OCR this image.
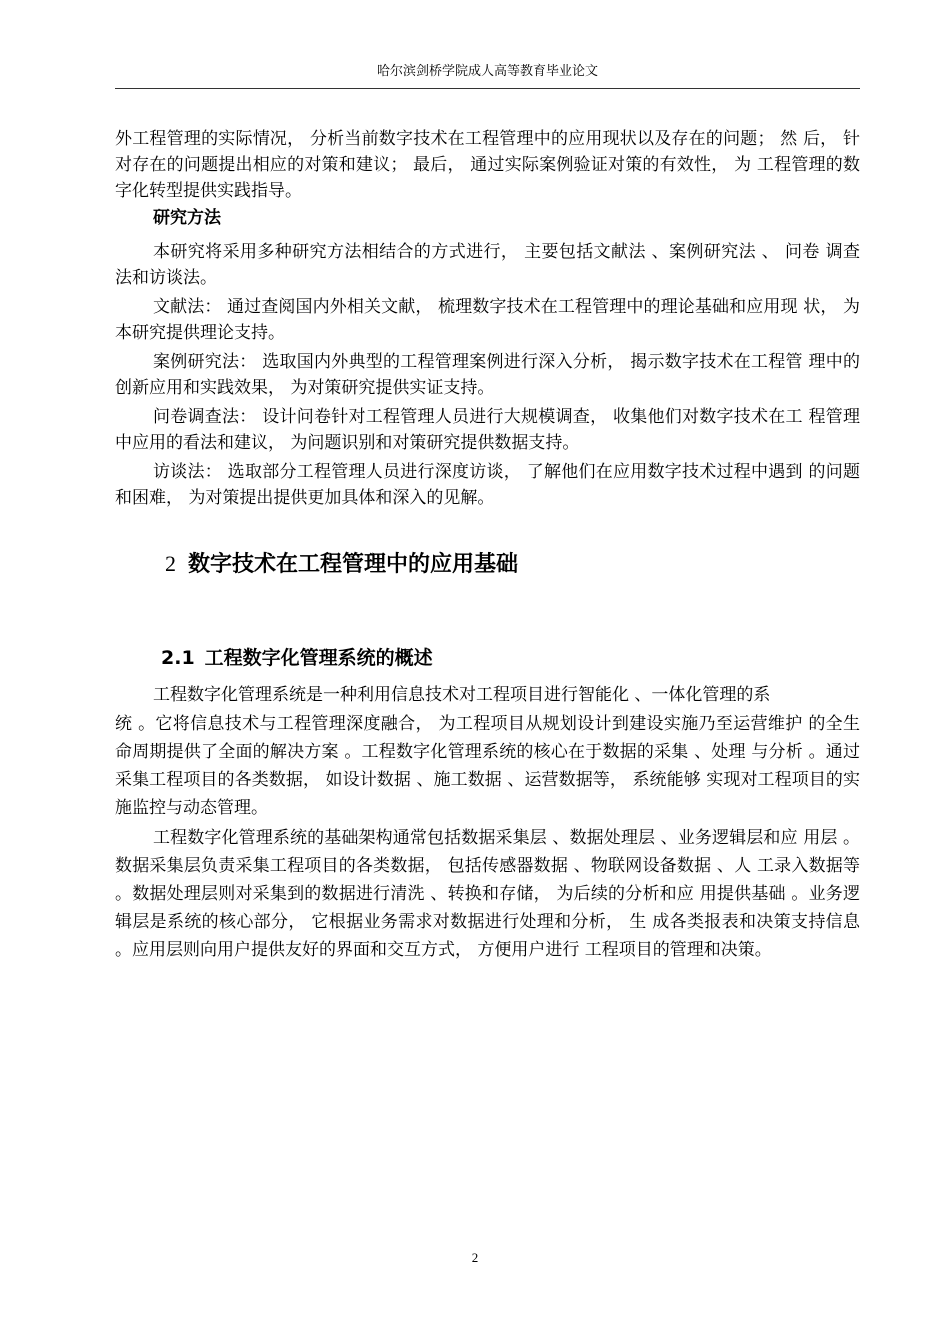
哈尔滨剑桥学院成人高等教育毕业论文

外工程管理的实际情况， 分析当前数字技术在工程管理中的应用现状以及存在的问题； 然 后， 针对存在的问题提出相应的对策和建议； 最后， 通过实际案例验证对策的有效性， 为 工程管理的数字化转型提供实践指导。

研究方法

本研究将采用多种研究方法相结合的方式进行， 主要包括文献法 、案例研究法 、 问卷 调查法和访谈法。

文献法： 通过查阅国内外相关文献， 梳理数字技术在工程管理中的理论基础和应用现 状， 为本研究提供理论支持。

案例研究法： 选取国内外典型的工程管理案例进行深入分析， 揭示数字技术在工程管 理中的创新应用和实践效果， 为对策研究提供实证支持。

问卷调查法： 设计问卷针对工程管理人员进行大规模调查， 收集他们对数字技术在工 程管理中应用的看法和建议， 为问题识别和对策研究提供数据支持。

访谈法： 选取部分工程管理人员进行深度访谈， 了解他们在应用数字技术过程中遇到 的问题和困难， 为对策提出提供更加具体和深入的见解。

2 数字技术在工程管理中的应用基础
2.1 工程数字化管理系统的概述

工程数字化管理系统是一种利用信息技术对工程项目进行智能化 、一体化管理的系

统 。它将信息技术与工程管理深度融合， 为工程项目从规划设计到建设实施乃至运营维护 的全生命周期提供了全面的解决方案 。工程数字化管理系统的核心在于数据的采集 、处理 与分析 。通过采集工程项目的各类数据， 如设计数据 、施工数据 、运营数据等， 系统能够 实现对工程项目的实施监控与动态管理。

工程数字化管理系统的基础架构通常包括数据采集层 、数据处理层 、业务逻辑层和应 用层 。数据采集层负责采集工程项目的各类数据， 包括传感器数据 、物联网设备数据 、人 工录入数据等 。数据处理层则对采集到的数据进行清洗 、转换和存储， 为后续的分析和应 用提供基础 。业务逻辑层是系统的核心部分， 它根据业务需求对数据进行处理和分析， 生 成各类报表和决策支持信息 。应用层则向用户提供友好的界面和交互方式， 方便用户进行 工程项目的管理和决策。

2
